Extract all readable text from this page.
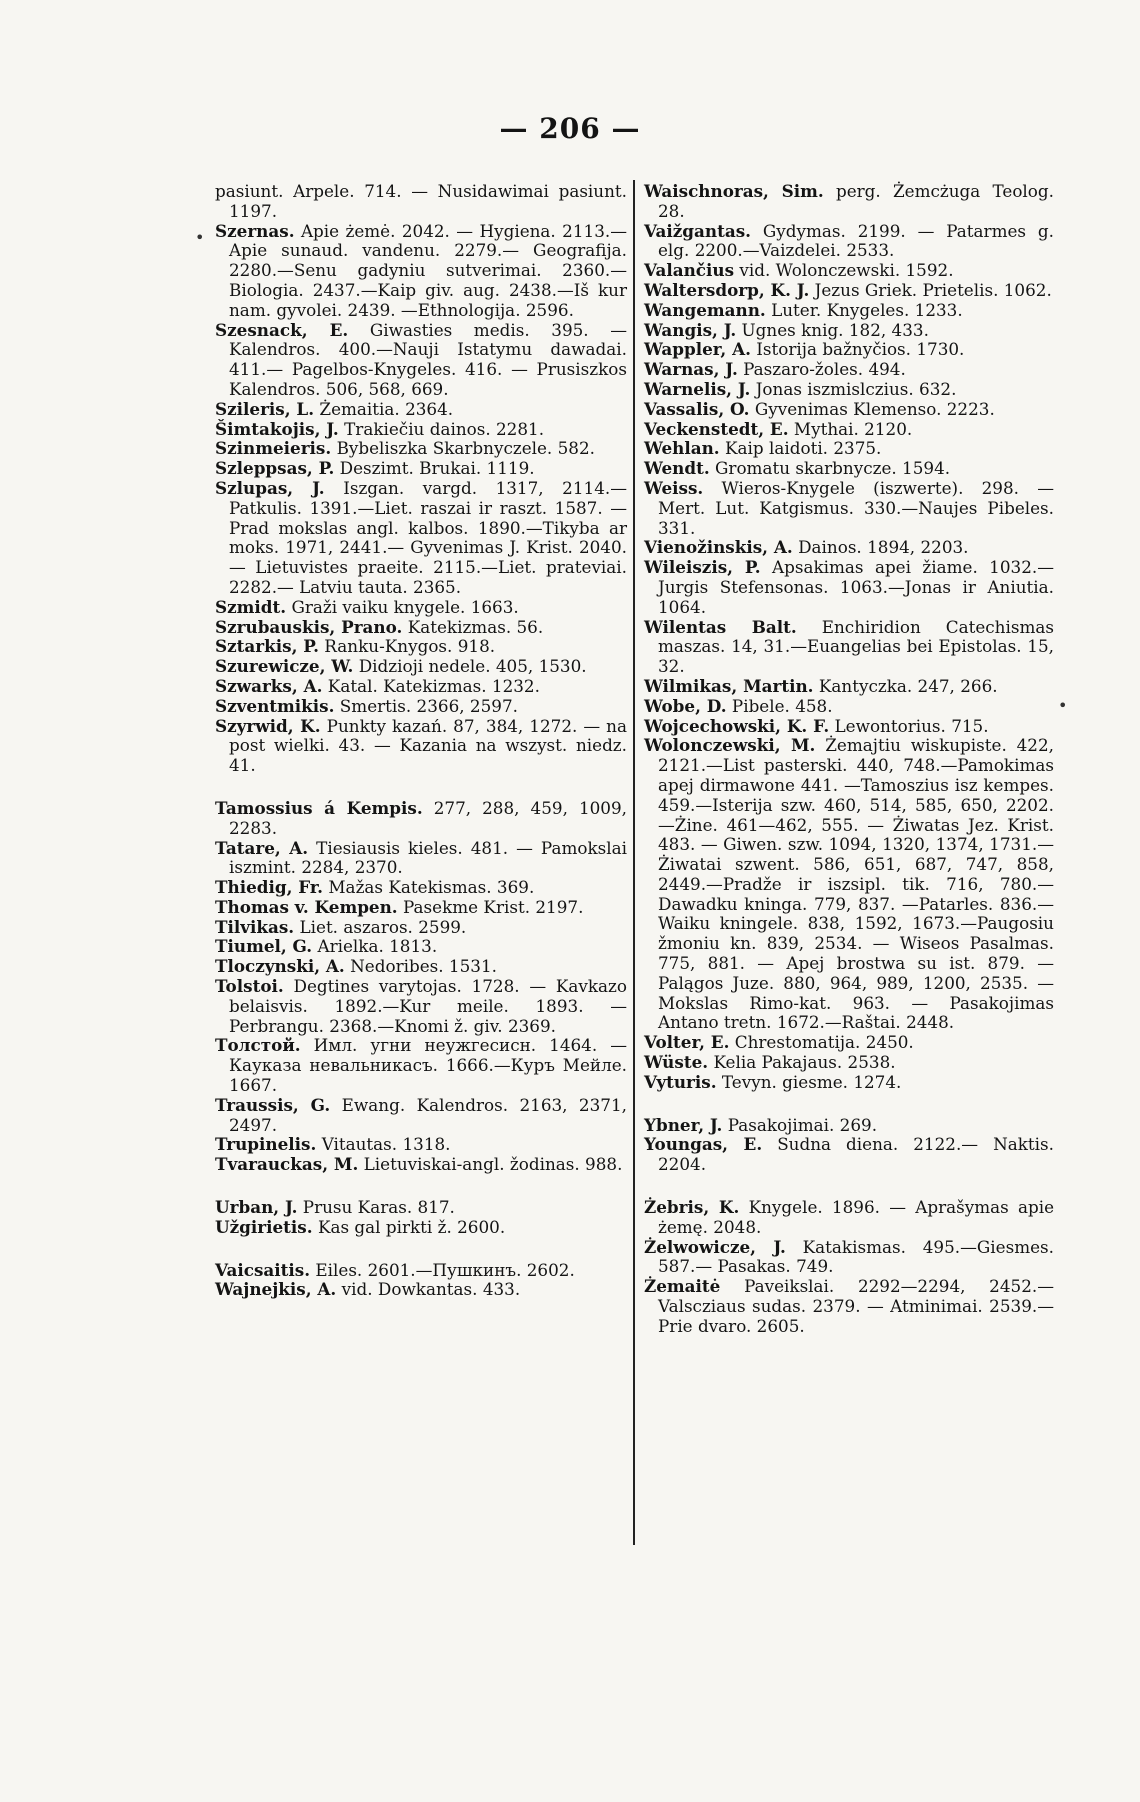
— 206 —
pasiunt. Arpele. 714. — Nusidawimai pasiunt. 1197.
Szernas. Apie żemė. 2042. — Hygiena. 2113.—Apie sunaud. vandenu. 2279.— Geografija. 2280.—Senu gadyniu sutverimai. 2360.—Biologia. 2437.—Kaip giv. aug. 2438.—Iš kur nam. gyvolei. 2439. —Ethnologija. 2596.
Szesnack, E. Giwasties medis. 395. — Kalendros. 400.—Nauji Istatymu dawadai. 411.— Pagelbos-Knygeles. 416. — Prusiszkos Kalendros. 506, 568, 669.
Szileris, L. Żemaitia. 2364.
Šimtakojis, J. Trakiečiu dainos. 2281.
Szinmeieris. Bybeliszka Skarbnyczele. 582.
Szleppsas, P. Deszimt. Brukai. 1119.
Szlupas, J. Iszgan. vargd. 1317, 2114.— Patkulis. 1391.—Liet. raszai ir raszt. 1587. — Prad mokslas angl. kalbos. 1890.—Tikyba ar moks. 1971, 2441.— Gyvenimas J. Krist. 2040. — Lietuvistes praeite. 2115.—Liet. prateviai. 2282.— Latviu tauta. 2365.
Szmidt. Graži vaiku knygele. 1663.
Szrubauskis, Prano. Katekizmas. 56.
Sztarkis, P. Ranku-Knygos. 918.
Szurewicze, W. Didzioji nedele. 405, 1530.
Szwarks, A. Katal. Katekizmas. 1232.
Szventmikis. Smertis. 2366, 2597.
Szyrwid, K. Punkty kazań. 87, 384, 1272. — na post wielki. 43. — Kazania na wszyst. niedz. 41.
Tamossius á Kempis. 277, 288, 459, 1009, 2283.
Tatare, A. Tiesiausis kieles. 481. — Pamokslai iszmint. 2284, 2370.
Thiedig, Fr. Mažas Katekismas. 369.
Thomas v. Kempen. Pasekme Krist. 2197.
Tilvikas. Liet. aszaros. 2599.
Tiumel, G. Arielka. 1813.
Tloczynski, A. Nedoribes. 1531.
Tolstoi. Degtines varytojas. 1728. — Kavkazo belaisvis. 1892.—Kur meile. 1893. —Perbrangu. 2368.—Knomi ž. giv. 2369.
Толстой. Имл. угни неужгесисн. 1464. —Кауказа невальникасъ. 1666.—Куръ Мейле. 1667.
Traussis, G. Ewang. Kalendros. 2163, 2371, 2497.
Trupinelis. Vitautas. 1318.
Tvarauckas, M. Lietuviskai-angl. žodinas. 988.
Urban, J. Prusu Karas. 817.
Užgirietis. Kas gal pirkti ž. 2600.
Vaicsaitis. Eiles. 2601.—Пушкинъ. 2602.
Wajnejkis, A. vid. Dowkantas. 433.
Waischnoras, Sim. perg. Żemcżuga Teolog. 28.
Vaižgantas. Gydymas. 2199. — Patarmes g. elg. 2200.—Vaizdelei. 2533.
Valančius vid. Wolonczewski. 1592.
Waltersdorp, K. J. Jezus Griek. Prietelis. 1062.
Wangemann. Luter. Knygeles. 1233.
Wangis, J. Ugnes knig. 182, 433.
Wappler, A. Istorija bažnyčios. 1730.
Warnas, J. Paszaro-žoles. 494.
Warnelis, J. Jonas iszmislczius. 632.
Vassalis, O. Gyvenimas Klemenso. 2223.
Veckenstedt, E. Mythai. 2120.
Wehlan. Kaip laidoti. 2375.
Wendt. Gromatu skarbnycze. 1594.
Weiss. Wieros-Knygele (iszwerte). 298. — Mert. Lut. Katgismus. 330.—Naujes Pibeles. 331.
Vienožinskis, A. Dainos. 1894, 2203.
Wileiszis, P. Apsakimas apei žiame. 1032.— Jurgis Stefensonas. 1063.—Jonas ir Aniutia. 1064.
Wilentas Balt. Enchiridion Catechismas maszas. 14, 31.—Euangelias bei Epistolas. 15, 32.
Wilmikas, Martin. Kantyczka. 247, 266.
Wobe, D. Pibele. 458.
Wojcechowski, K. F. Lewontorius. 715.
Wolonczewski, M. Żemajtiu wiskupiste. 422, 2121.—List pasterski. 440, 748.—Pamokimas apej dirmawone 441. —Tamoszius isz kempes. 459.—Isterija szw. 460, 514, 585, 650, 2202.—Żine. 461—462, 555. — Żiwatas Jez. Krist. 483. — Giwen. szw. 1094, 1320, 1374, 1731.—Żiwatai szwent. 586, 651, 687, 747, 858, 2449.—Pradže ir iszsipl. tik. 716, 780.—Dawadku kninga. 779, 837. —Patarles. 836.—Waiku kningele. 838, 1592, 1673.—Paugosiu žmoniu kn. 839, 2534. — Wiseos Pasalmas. 775, 881. — Apej brostwa su ist. 879. — Palągos Juze. 880, 964, 989, 1200, 2535. — Mokslas Rimo-kat. 963. — Pasakojimas Antano tretn. 1672.—Raštai. 2448.
Volter, E. Chrestomatija. 2450.
Wüste. Kelia Pakajaus. 2538.
Vyturis. Tevyn. giesme. 1274.
Ybner, J. Pasakojimai. 269.
Youngas, E. Sudna diena. 2122.— Naktis. 2204.
Żebris, K. Knygele. 1896. — Aprašymas apie żemę. 2048.
Żelwowicze, J. Katakismas. 495.—Giesmes. 587.— Pasakas. 749.
Żemaitė Paveikslai. 2292—2294, 2452.— Valscziaus sudas. 2379. — Atminimai. 2539.—Prie dvaro. 2605.
•
•
